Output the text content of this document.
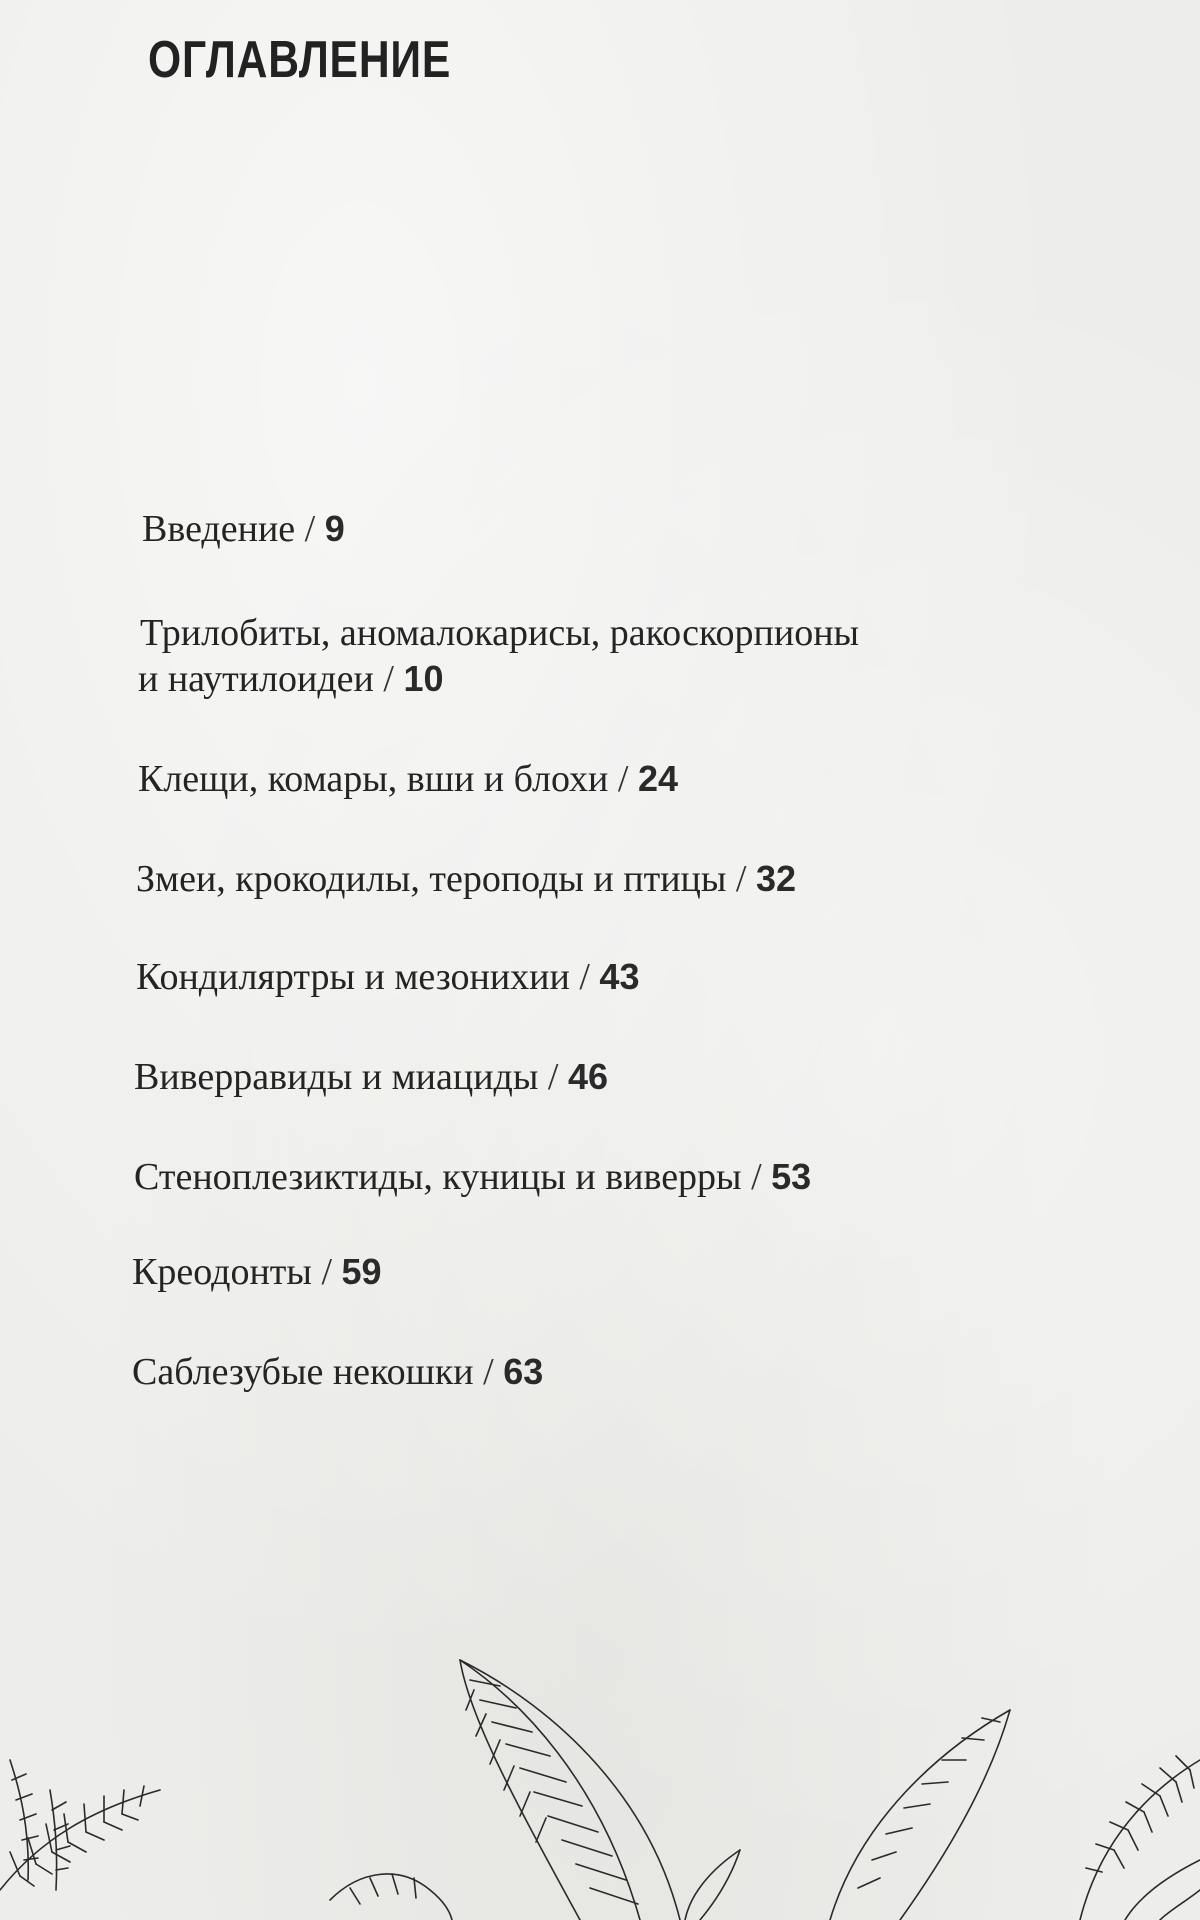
ОГЛАВЛЕНИЕ
Введение / 9
Трилобиты, аномалокарисы, ракоскорпионы
и наутилоидеи / 10
Клещи, комары, вши и блохи / 24
Змеи, крокодилы, тероподы и птицы / 32
Кондиляртры и мезонихии / 43
Виверравиды и миациды / 46
Стеноплезиктиды, куницы и виверры / 53
Креодонты / 59
Саблезубые некошки / 63
